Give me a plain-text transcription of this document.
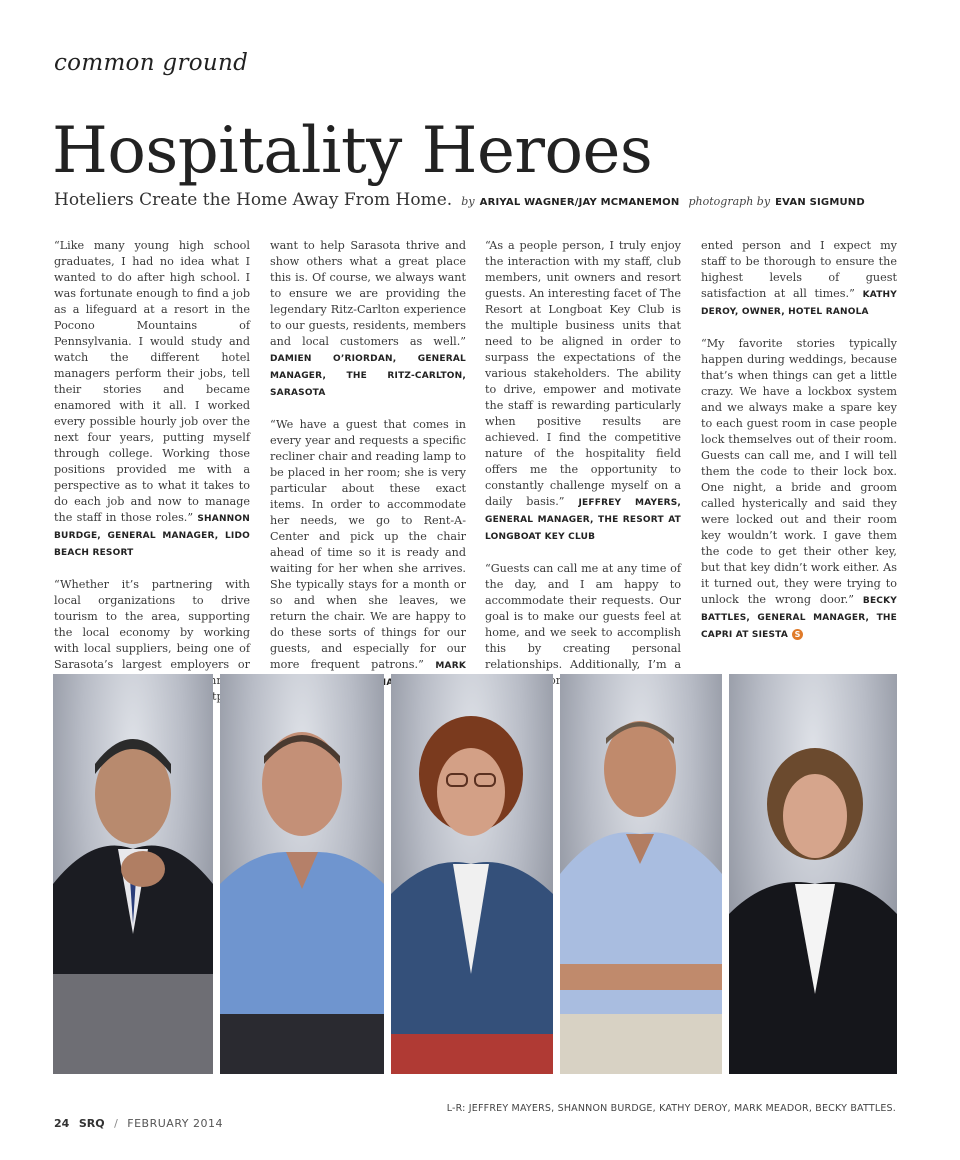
common ground
Hospitality Heroes
Hoteliers Create the Home Away From Home. by ARIYAL WAGNER/JAY MCMANEMON photograph by EVAN SIGMUND

“Like many young high school graduates, I had no idea what I wanted to do after high school. I was fortunate enough to find a job as a lifeguard at a resort in the Pocono Mountains of Pennsylvania. I would study and watch the different hotel managers perform their jobs, tell their stories and became enamored with it all. I worked every possible hourly job over the next four years, putting myself through college. Working those positions provided me with a perspective as to what it takes to do each job and now to manage the staff in those roles.” SHANNON BURDGE, GENERAL MANAGER, LIDO BEACH RESORT

“Whether it’s partnering with local organizations to drive tourism to the area, supporting the local economy by working with local suppliers, being one of Sarasota’s largest employers or

want to help Sarasota thrive and show others what a great place this is. Of course, we always want to ensure we are providing the legendary Ritz-Carlton experience to our guests, residents, members and local customers as well.” DAMIEN O’RIORDAN, GENERAL MANAGER, THE RITZ-CARLTON, SARASOTA

“We have a guest that comes in every year and requests a specific recliner chair and reading lamp to be placed in her room; she is very particular about these exact items. In order to accommodate her needs, we go to Rent-A-Center and pick up the chair ahead of time so it is ready and waiting for her when she arrives. She typically stays for a month or so and when she leaves, we return the chair. We are happy to do these sorts of things for our guests, and especially for our more frequent patrons.” MARK

“As a people person, I truly enjoy the interaction with my staff, club members, unit owners and resort guests. An interesting facet of The Resort at Longboat Key Club is the multiple business units that need to be aligned in order to surpass the expectations of the various stakeholders. The ability to drive, empower and motivate the staff is rewarding particularly when positive results are achieved. I find the competitive nature of the hospitality field offers me the opportunity to constantly challenge myself on a daily basis.” JEFFREY MAYERS, GENERAL MANAGER, THE RESORT AT LONGBOAT KEY CLUB

“Guests can call me at any time of the day, and I am happy to accommodate their requests. Our goal is to make our guests feel at home, and we seek to accomplish this by creating personal relationships. Additionally, I’m a

ented person and I expect my staff to be thorough to ensure the highest levels of guest satisfaction at all times.” KATHY DEROY, OWNER, HOTEL RANOLA

“My favorite stories typically happen during weddings, because that’s when things can get a little crazy. We have a lockbox system and we always make a spare key to each guest room in case people lock themselves out of their room. Guests can call me, and I will tell them the code to their lock box. One night, a bride and groom called hysterically and said they were locked out and their room key wouldn’t work. I gave them the code to get their other key, but that key didn’t work either. As it turned out, they were trying to unlock the wrong door.” BECKY BATTLES, GENERAL MANAGER, THE CAPRI AT SIESTA S

L-R: JEFFREY MAYERS, SHANNON BURDGE, KATHY DEROY, MARK MEADOR, BECKY BATTLES.
24 SRQ / FEBRUARY 2014
